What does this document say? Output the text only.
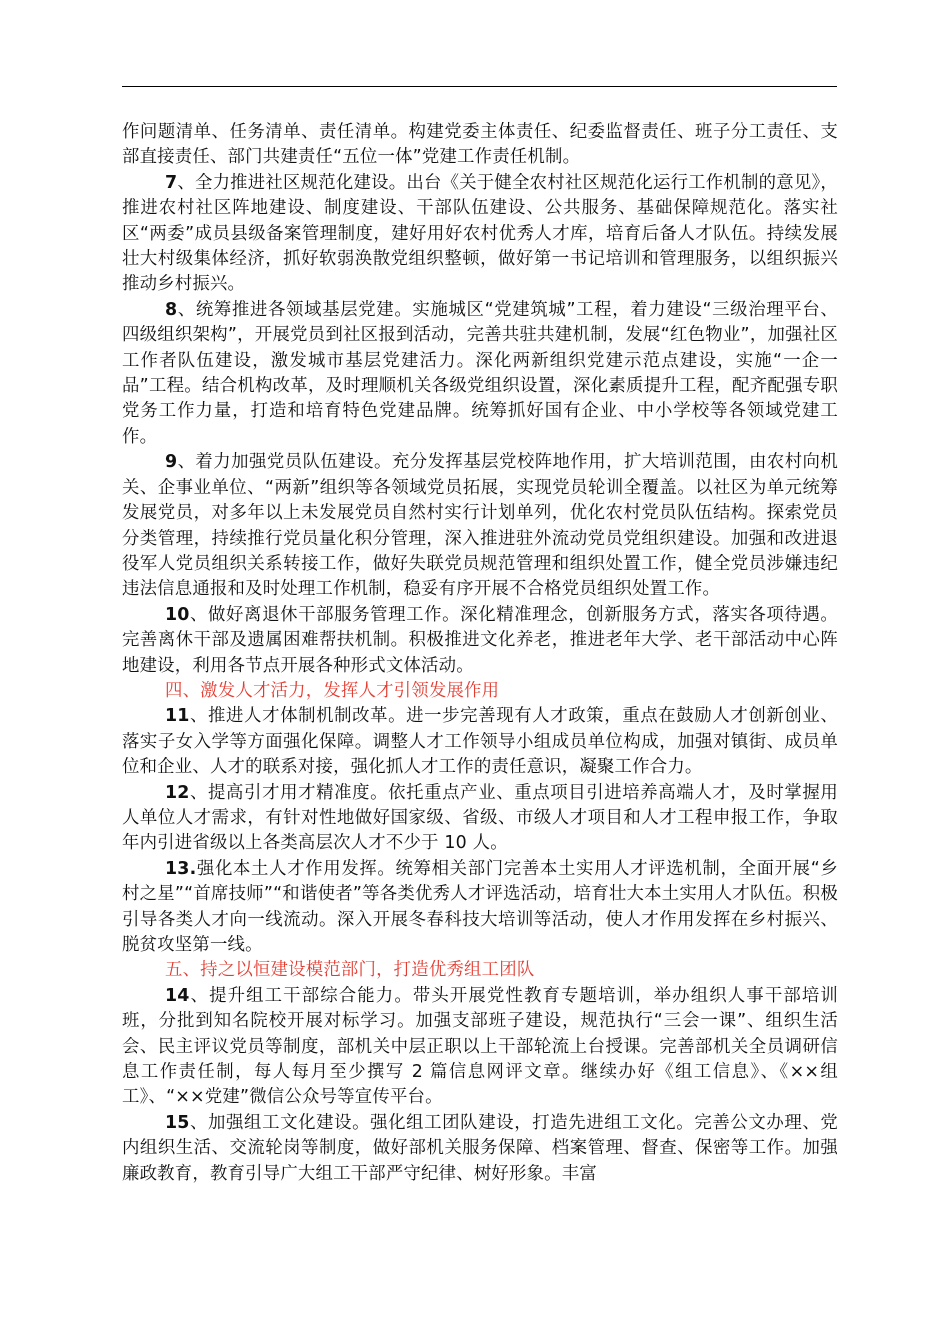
作问题清单、任务清单、责任清单。构建党委主体责任、纪委监督责任、班子分工责任、支部直接责任、部门共建责任“五位一体”党建工作责任机制。

7、全力推进社区规范化建设。出台《关于健全农村社区规范化运行工作机制的意见》，推进农村社区阵地建设、制度建设、干部队伍建设、公共服务、基础保障规范化。落实社区“两委”成员县级备案管理制度，建好用好农村优秀人才库，培育后备人才队伍。持续发展壮大村级集体经济，抓好软弱涣散党组织整顿，做好第一书记培训和管理服务，以组织振兴推动乡村振兴。

8、统筹推进各领域基层党建。实施城区“党建筑城”工程，着力建设“三级治理平台、四级组织架构”，开展党员到社区报到活动，完善共驻共建机制，发展“红色物业”，加强社区工作者队伍建设，激发城市基层党建活力。深化两新组织党建示范点建设，实施“一企一品”工程。结合机构改革，及时理顺机关各级党组织设置，深化素质提升工程，配齐配强专职党务工作力量，打造和培育特色党建品牌。统筹抓好国有企业、中小学校等各领域党建工作。

9、着力加强党员队伍建设。充分发挥基层党校阵地作用，扩大培训范围，由农村向机关、企事业单位、“两新”组织等各领域党员拓展，实现党员轮训全覆盖。以社区为单元统筹发展党员，对多年以上未发展党员自然村实行计划单列，优化农村党员队伍结构。探索党员分类管理，持续推行党员量化积分管理，深入推进驻外流动党员党组织建设。加强和改进退役军人党员组织关系转接工作，做好失联党员规范管理和组织处置工作，健全党员涉嫌违纪违法信息通报和及时处理工作机制，稳妥有序开展不合格党员组织处置工作。

10、做好离退休干部服务管理工作。深化精准理念，创新服务方式，落实各项待遇。完善离休干部及遗属困难帮扶机制。积极推进文化养老，推进老年大学、老干部活动中心阵地建设，利用各节点开展各种形式文体活动。

四、激发人才活力，发挥人才引领发展作用

11、推进人才体制机制改革。进一步完善现有人才政策，重点在鼓励人才创新创业、落实子女入学等方面强化保障。调整人才工作领导小组成员单位构成，加强对镇街、成员单位和企业、人才的联系对接，强化抓人才工作的责任意识，凝聚工作合力。

12、提高引才用才精准度。依托重点产业、重点项目引进培养高端人才，及时掌握用人单位人才需求，有针对性地做好国家级、省级、市级人才项目和人才工程申报工作，争取年内引进省级以上各类高层次人才不少于 10 人。

13.强化本土人才作用发挥。统筹相关部门完善本土实用人才评选机制，全面开展“乡村之星”“首席技师”“和谐使者”等各类优秀人才评选活动，培育壮大本土实用人才队伍。积极引导各类人才向一线流动。深入开展冬春科技大培训等活动，使人才作用发挥在乡村振兴、脱贫攻坚第一线。

五、持之以恒建设模范部门，打造优秀组工团队

14、提升组工干部综合能力。带头开展党性教育专题培训，举办组织人事干部培训班，分批到知名院校开展对标学习。加强支部班子建设，规范执行“三会一课”、组织生活会、民主评议党员等制度，部机关中层正职以上干部轮流上台授课。完善部机关全员调研信息工作责任制，每人每月至少撰写 2 篇信息网评文章。继续办好《组工信息》、《××组工》、“××党建”微信公众号等宣传平台。

15、加强组工文化建设。强化组工团队建设，打造先进组工文化。完善公文办理、党内组织生活、交流轮岗等制度，做好部机关服务保障、档案管理、督查、保密等工作。加强廉政教育，教育引导广大组工干部严守纪律、树好形象。丰富
